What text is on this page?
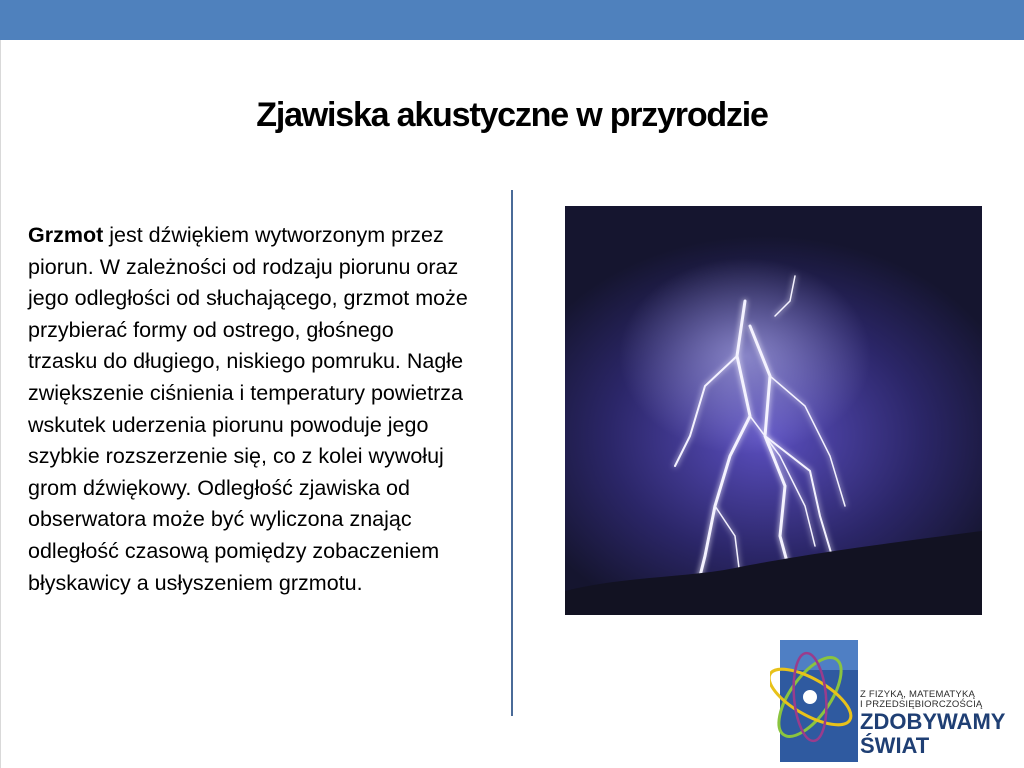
Zjawiska akustyczne w przyrodzie

Grzmot jest dźwiękiem wytworzonym przez piorun. W zależności od rodzaju piorunu oraz jego odległości od słuchającego, grzmot może przybierać formy od ostrego, głośnego trzasku do długiego, niskiego pomruku. Nagłe zwiększenie ciśnienia i temperatury powietrza wskutek uderzenia piorunu powoduje jego szybkie rozszerzenie się, co z kolei wywołuj grom dźwiękowy. Odległość zjawiska od obserwatora może być wyliczona znając odległość czasową pomiędzy zobaczeniem błyskawicy a usłyszeniem grzmotu.

Z FIZYKĄ, MATEMATYKĄ
I PRZEDSIĘBIORCZOŚCIĄ
ZDOBYWAMY
ŚWIAT
